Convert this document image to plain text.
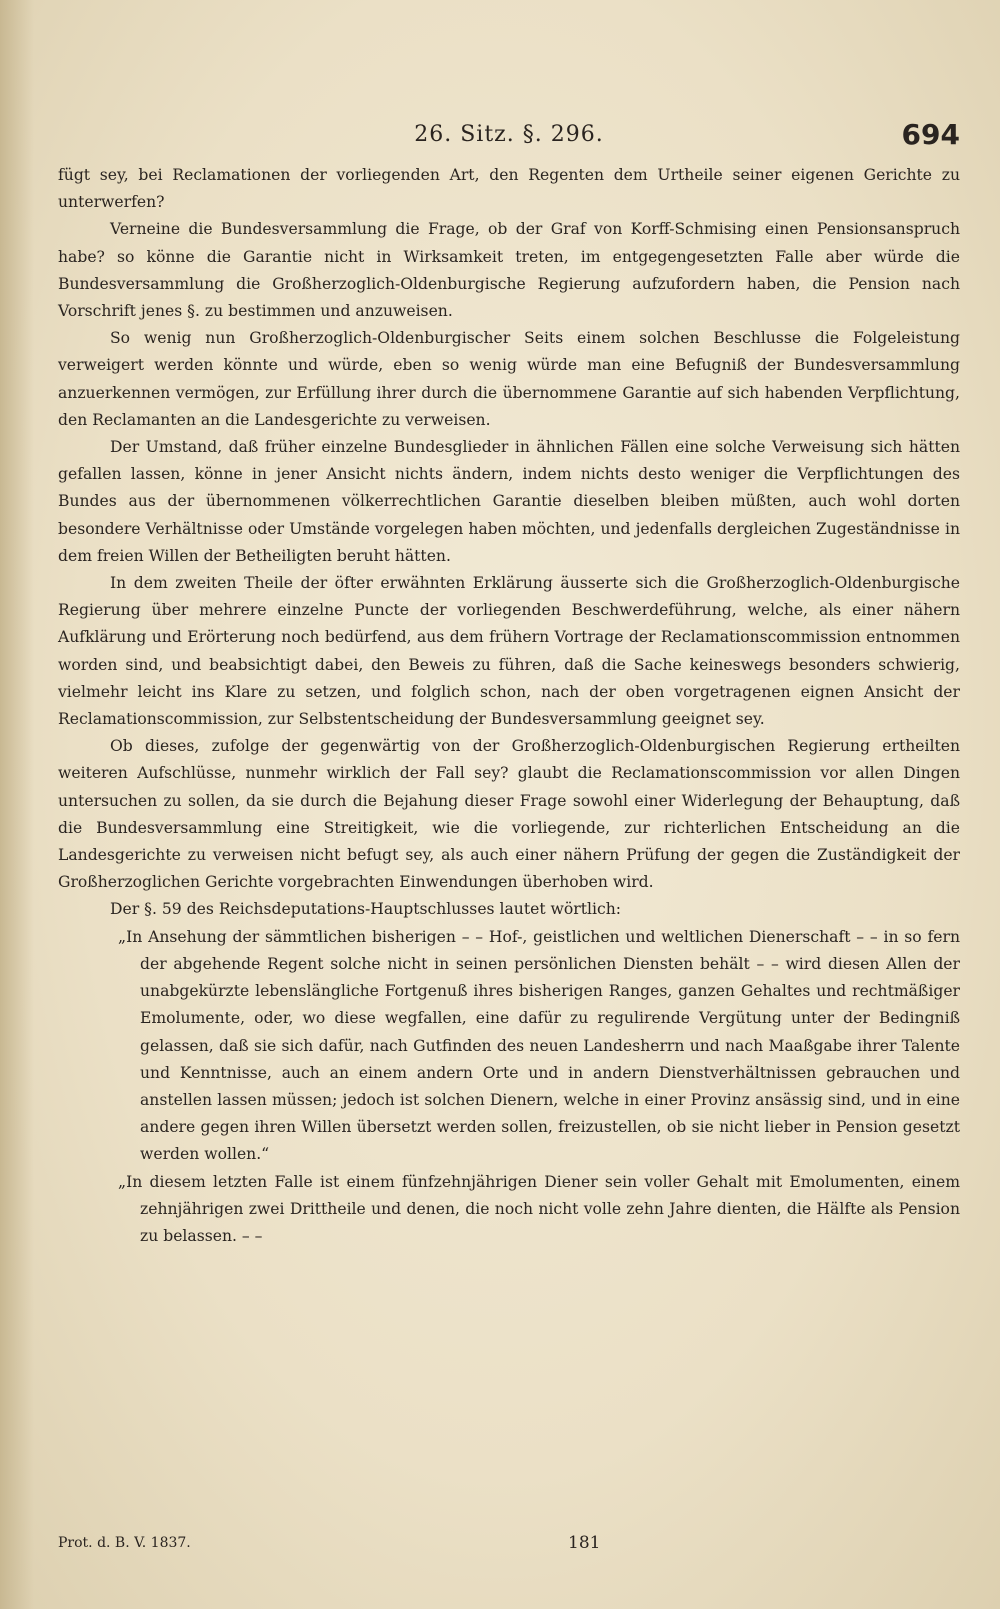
26. Sitz. §. 296.	694

fügt sey, bei Reclamationen der vorliegenden Art, den Regenten dem Urtheile seiner eigenen Gerichte zu unterwerfen?

Verneine die Bundesversammlung die Frage, ob der Graf von Korff-Schmising einen Pensionsanspruch habe? so könne die Garantie nicht in Wirksamkeit treten, im entgegengesetzten Falle aber würde die Bundesversammlung die Großherzoglich-Oldenburgische Regierung aufzufordern haben, die Pension nach Vorschrift jenes §. zu bestimmen und anzuweisen.

So wenig nun Großherzoglich-Oldenburgischer Seits einem solchen Beschlusse die Folgeleistung verweigert werden könnte und würde, eben so wenig würde man eine Befugniß der Bundesversammlung anzuerkennen vermögen, zur Erfüllung ihrer durch die übernommene Garantie auf sich habenden Verpflichtung, den Reclamanten an die Landesgerichte zu verweisen.

Der Umstand, daß früher einzelne Bundesglieder in ähnlichen Fällen eine solche Verweisung sich hätten gefallen lassen, könne in jener Ansicht nichts ändern, indem nichts desto weniger die Verpflichtungen des Bundes aus der übernommenen völkerrechtlichen Garantie dieselben bleiben müßten, auch wohl dorten besondere Verhältnisse oder Umstände vorgelegen haben möchten, und jedenfalls dergleichen Zugeständnisse in dem freien Willen der Betheiligten beruht hätten.

In dem zweiten Theile der öfter erwähnten Erklärung äusserte sich die Großherzoglich-Oldenburgische Regierung über mehrere einzelne Puncte der vorliegenden Beschwerdeführung, welche, als einer nähern Aufklärung und Erörterung noch bedürfend, aus dem frühern Vortrage der Reclamationscommission entnommen worden sind, und beabsichtigt dabei, den Beweis zu führen, daß die Sache keineswegs besonders schwierig, vielmehr leicht ins Klare zu setzen, und folglich schon, nach der oben vorgetragenen eignen Ansicht der Reclamationscommission, zur Selbstentscheidung der Bundesversammlung geeignet sey.

Ob dieses, zufolge der gegenwärtig von der Großherzoglich-Oldenburgischen Regierung ertheilten weiteren Aufschlüsse, nunmehr wirklich der Fall sey? glaubt die Reclamationscommission vor allen Dingen untersuchen zu sollen, da sie durch die Bejahung dieser Frage sowohl einer Widerlegung der Behauptung, daß die Bundesversammlung eine Streitigkeit, wie die vorliegende, zur richterlichen Entscheidung an die Landesgerichte zu verweisen nicht befugt sey, als auch einer nähern Prüfung der gegen die Zuständigkeit der Großherzoglichen Gerichte vorgebrachten Einwendungen überhoben wird.

Der §. 59 des Reichsdeputations-Hauptschlusses lautet wörtlich:

„In Ansehung der sämmtlichen bisherigen – – Hof-, geistlichen und weltlichen Dienerschaft – – in so fern der abgehende Regent solche nicht in seinen persönlichen Diensten behält – – wird diesen Allen der unabgekürzte lebenslängliche Fortgenuß ihres bisherigen Ranges, ganzen Gehaltes und rechtmäßiger Emolumente, oder, wo diese wegfallen, eine dafür zu regulirende Vergütung unter der Bedingniß gelassen, daß sie sich dafür, nach Gutfinden des neuen Landesherrn und nach Maaßgabe ihrer Talente und Kenntnisse, auch an einem andern Orte und in andern Dienstverhältnissen gebrauchen und anstellen lassen müssen; jedoch ist solchen Dienern, welche in einer Provinz ansässig sind, und in eine andere gegen ihren Willen übersetzt werden sollen, freizustellen, ob sie nicht lieber in Pension gesetzt werden wollen.“

„In diesem letzten Falle ist einem fünfzehnjährigen Diener sein voller Gehalt mit Emolumenten, einem zehnjährigen zwei Drittheile und denen, die noch nicht volle zehn Jahre dienten, die Hälfte als Pension zu belassen. – –

Prot. d. B. V. 1837.	181
